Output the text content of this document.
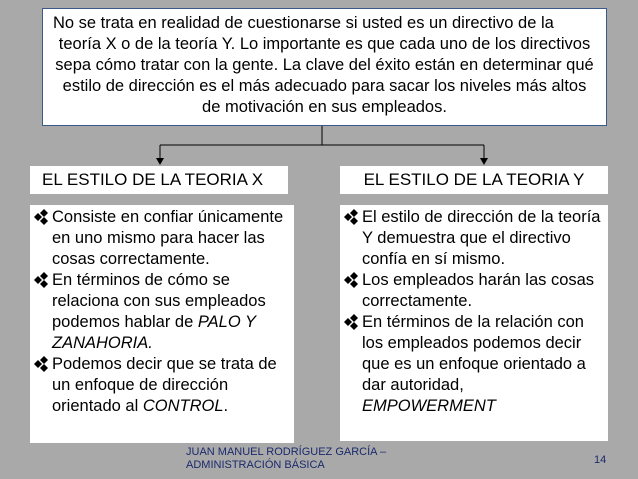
No se trata en realidad de cuestionarse si usted es un directivo de la
teoría X o de la teoría Y. Lo importante es que cada uno de los directivos sepa cómo tratar con la gente. La clave del éxito están en determinar qué estilo de dirección es el más adecuado para sacar los niveles más altos de motivación en sus empleados.
EL ESTILO DE LA TEORIA X	EL ESTILO DE LA TEORIA Y
Consiste en confiar únicamente en uno mismo para hacer las cosas correctamente.
En términos de cómo se relaciona con sus empleados podemos hablar de PALO Y ZANAHORIA.
Podemos decir que se trata de un enfoque de dirección orientado al CONTROL.
El estilo de dirección de la teoría Y demuestra que el directivo confía en sí mismo.
Los empleados harán las cosas correctamente.
En términos de la relación con los empleados podemos decir que es un enfoque orientado a dar autoridad,
EMPOWERMENT
JUAN MANUEL RODRÍGUEZ GARCÍA – ADMINISTRACIÓN BÁSICA	14
